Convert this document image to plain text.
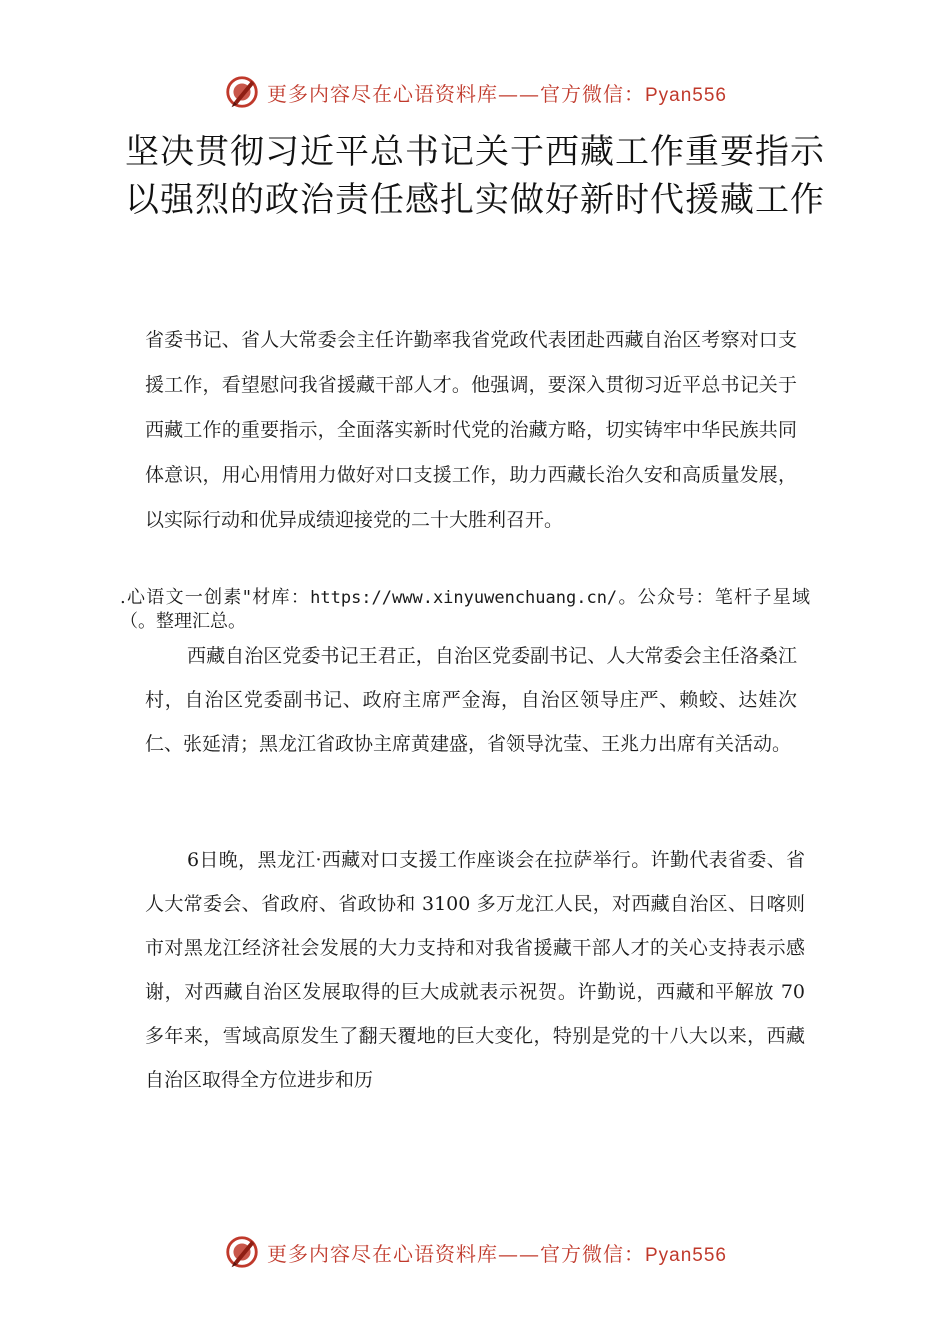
更多内容尽在心语资料库——官方微信：Pyan556
坚决贯彻习近平总书记关于西藏工作重要指示 以强烈的政治责任感扎实做好新时代援藏工作

省委书记、省人大常委会主任许勤率我省党政代表团赴西藏自治区考察对口支援工作，看望慰问我省援藏干部人才。他强调，要深入贯彻习近平总书记关于西藏工作的重要指示，全面落实新时代党的治藏方略，切实铸牢中华民族共同体意识，用心用情用力做好对口支援工作，助力西藏长治久安和高质量发展，以实际行动和优异成绩迎接党的二十大胜利召开。

.心语文一创素"材库：https://www.xinyuwenchuang.cn/。公众号：笔杆子星域（。整理汇总。

西藏自治区党委书记王君正，自治区党委副书记、人大常委会主任洛桑江村，自治区党委副书记、政府主席严金海，自治区领导庄严、赖蛟、达娃次仁、张延清；黑龙江省政协主席黄建盛，省领导沈莹、王兆力出席有关活动。

6日晚，黑龙江·西藏对口支援工作座谈会在拉萨举行。许勤代表省委、省人大常委会、省政府、省政协和 3100 多万龙江人民，对西藏自治区、日喀则市对黑龙江经济社会发展的大力支持和对我省援藏干部人才的关心支持表示感谢，对西藏自治区发展取得的巨大成就表示祝贺。许勤说，西藏和平解放 70 多年来，雪域高原发生了翻天覆地的巨大变化，特别是党的十八大以来，西藏自治区取得全方位进步和历

更多内容尽在心语资料库——官方微信：Pyan556
